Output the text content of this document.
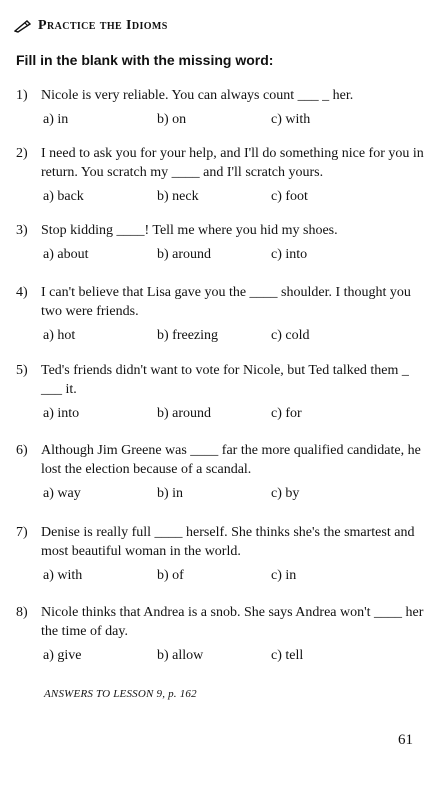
Practice the Idioms
Fill in the blank with the missing word:
1) Nicole is very reliable. You can always count ___ _ her.
a) in	b) on	c) with
2) I need to ask you for your help, and I'll do something nice for you in return. You scratch my ____ and I'll scratch yours.
a) back	b) neck	c) foot
3) Stop kidding ____! Tell me where you hid my shoes.
a) about	b) around	c) into
4) I can't believe that Lisa gave you the ____ shoulder. I thought you two were friends.
a) hot	b) freezing	c) cold
5) Ted's friends didn't want to vote for Nicole, but Ted talked them _ ___ it.
a) into	b) around	c) for
6) Although Jim Greene was ____ far the more qualified candidate, he lost the election because of a scandal.
a) way	b) in	c) by
7) Denise is really full ____ herself. She thinks she's the smartest and most beautiful woman in the world.
a) with	b) of	c) in
8) Nicole thinks that Andrea is a snob. She says Andrea won't ____ her the time of day.
a) give	b) allow	c) tell
ANSWERS TO LESSON 9, p. 162
61
